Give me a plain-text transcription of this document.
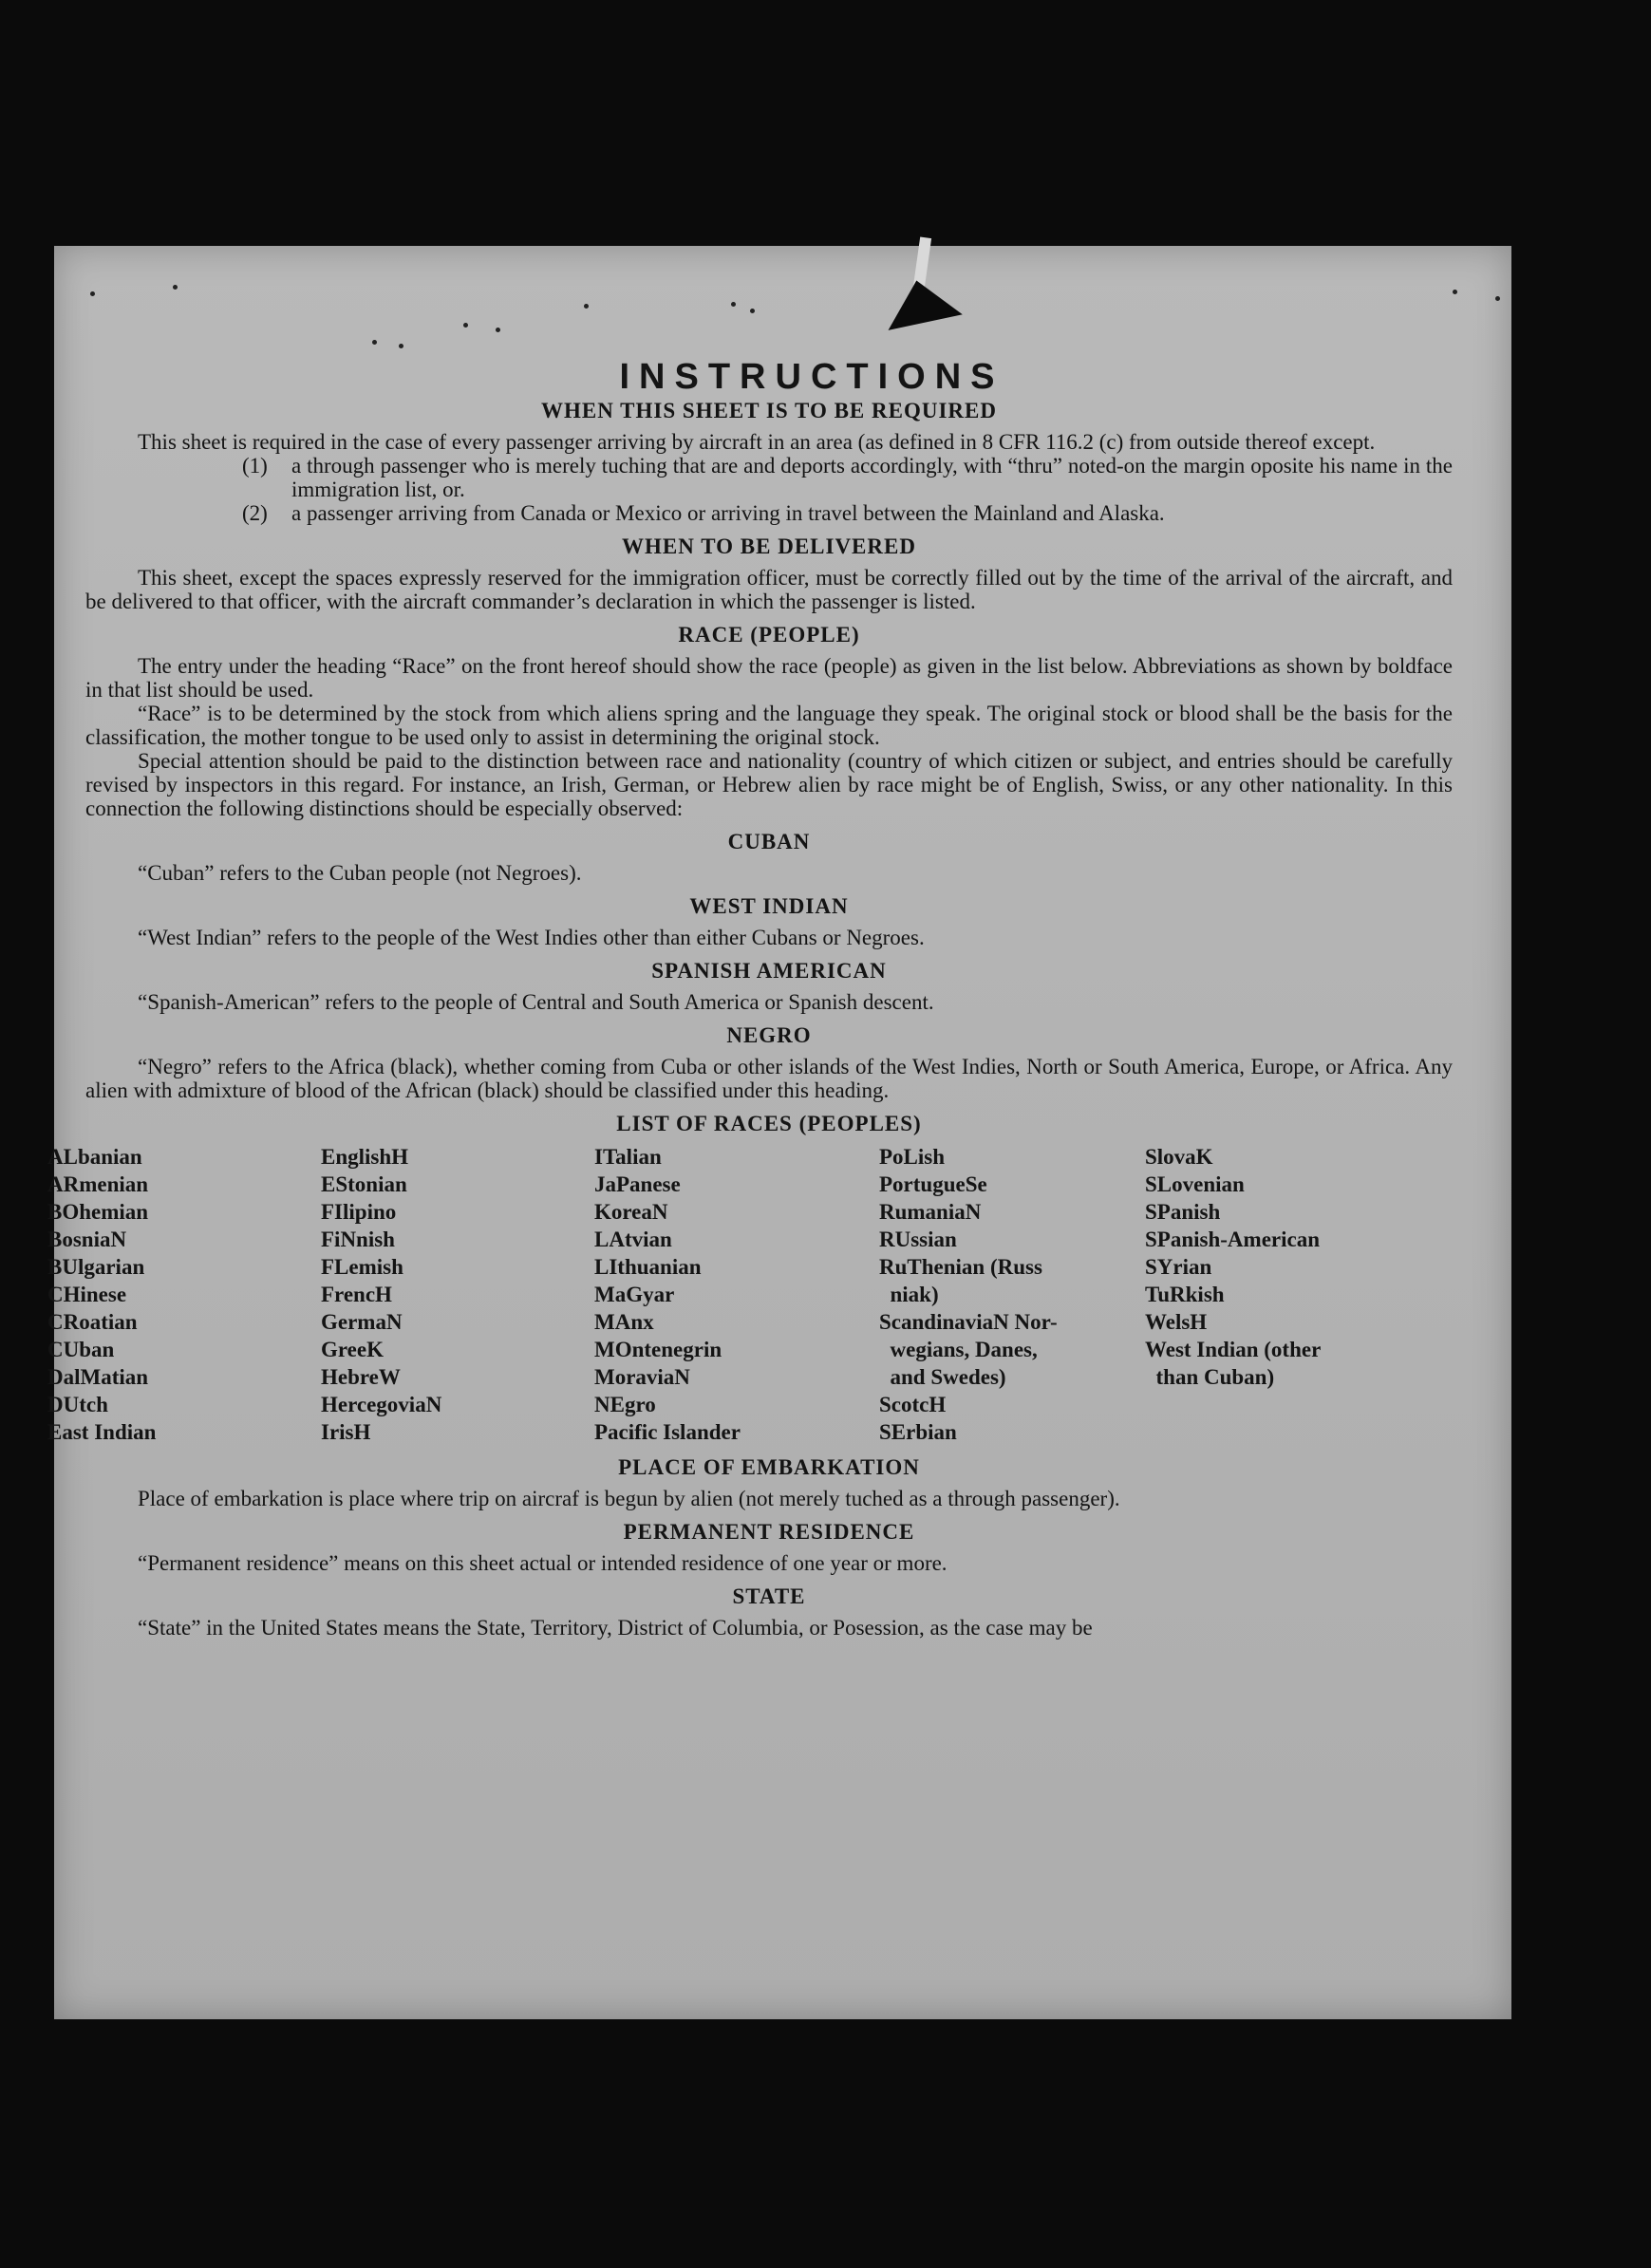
INSTRUCTIONS
WHEN THIS SHEET IS TO BE REQUIRED

This sheet is required in the case of every passenger arriving by aircraft in an area (as defined in 8 CFR 116.2 (c) from outside thereof except.

(1)	a through passenger who is merely tuching that are and deports accordingly, with “thru” noted-on the margin oposite his name in the immigration list, or.
(2)	a passenger arriving from Canada or Mexico or arriving in travel between the Mainland and Alaska.
WHEN TO BE DELIVERED

This sheet, except the spaces expressly reserved for the immigration officer, must be correctly filled out by the time of the arrival of the aircraft, and be delivered to that officer, with the aircraft commander’s declaration in which the passenger is listed.

RACE (PEOPLE)

The entry under the heading “Race” on the front hereof should show the race (people) as given in the list below. Abbreviations as shown by boldface in that list should be used.

“Race” is to be determined by the stock from which aliens spring and the language they speak. The original stock or blood shall be the basis for the classification, the mother tongue to be used only to assist in determining the original stock.

Special attention should be paid to the distinction between race and nationality (country of which citizen or subject, and entries should be carefully revised by inspectors in this regard. For instance, an Irish, German, or Hebrew alien by race might be of English, Swiss, or any other nationality. In this connection the following distinctions should be especially observed:

CUBAN

“Cuban” refers to the Cuban people (not Negroes).

WEST INDIAN

“West Indian” refers to the people of the West Indies other than either Cubans or Negroes.

SPANISH AMERICAN

“Spanish-American” refers to the people of Central and South America or Spanish descent.

NEGRO

“Negro” refers to the Africa (black), whether coming from Cuba or other islands of the West Indies, North or South America, Europe, or Africa. Any alien with admixture of blood of the African (black) should be classified under this heading.

LIST OF RACES (PEOPLES)
ALbanian
ARmenian
BOhemian
BosniaN
BUlgarian
CHinese
CRoatian
CUban
DalMatian
DUtch
East Indian
EnglishH
EStonian
FIlipino
FiNnish
FLemish
FrencH
GermaN
GreeK
HebreW
HercegoviaN
IrisH
ITalian
JaPanese
KoreaN
LAtvian
LIthuanian
MaGyar
MAnx
MOntenegrin
MoraviaN
NEgro
Pacific Islander
PoLish
PortugueSe
RumaniaN
RUssian
RuThenian (Russ
niak)
ScandinaviaN Nor-
wegians, Danes,
and Swedes)
ScotcH
SErbian
SlovaK
SLovenian
SPanish
SPanish-American
SYrian
TuRkish
WelsH
West Indian (other
than Cuban)
PLACE OF EMBARKATION

Place of embarkation is place where trip on aircraf is begun by alien (not merely tuched as a through passenger).

PERMANENT RESIDENCE

“Permanent residence” means on this sheet actual or intended residence of one year or more.

STATE

“State” in the United States means the State, Territory, District of Columbia, or Posession, as the case may be
